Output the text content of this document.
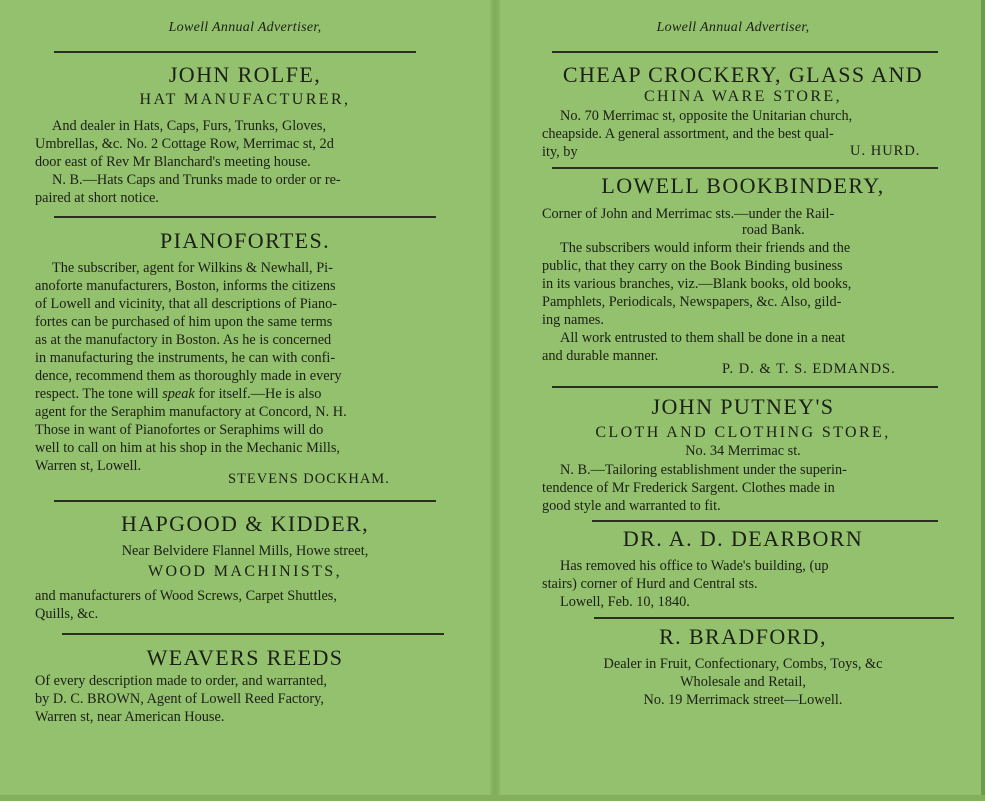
Lowell Annual Advertiser,
JOHN ROLFE,
HAT MANUFACTURER,
And dealer in Hats, Caps, Furs, Trunks, Gloves,
Umbrellas, &c. No. 2 Cottage Row, Merrimac st, 2d
door east of Rev Mr Blanchard's meeting house.
N. B.—Hats Caps and Trunks made to order or re-
paired at short notice.
PIANOFORTES.
The subscriber, agent for Wilkins & Newhall, Pi-
anoforte manufacturers, Boston, informs the citizens
of Lowell and vicinity, that all descriptions of Piano-
fortes can be purchased of him upon the same terms
as at the manufactory in Boston. As he is concerned
in manufacturing the instruments, he can with confi-
dence, recommend them as thoroughly made in every
respect. The tone will speak for itself.—He is also
agent for the Seraphim manufactory at Concord, N. H.
Those in want of Pianofortes or Seraphims will do
well to call on him at his shop in the Mechanic Mills,
Warren st, Lowell.
STEVENS DOCKHAM.
HAPGOOD & KIDDER,
Near Belvidere Flannel Mills, Howe street,
WOOD MACHINISTS,
and manufacturers of Wood Screws, Carpet Shuttles,
Quills, &c.
WEAVERS REEDS
Of every description made to order, and warranted,
by D. C. BROWN, Agent of Lowell Reed Factory,
Warren st, near American House.
Lowell Annual Advertiser,
CHEAP CROCKERY, GLASS AND
CHINA WARE STORE,
No. 70 Merrimac st, opposite the Unitarian church,
cheapside. A general assortment, and the best qual-
ity, by	U. HURD.
LOWELL BOOKBINDERY,
Corner of John and Merrimac sts.—under the Rail-
road Bank.
The subscribers would inform their friends and the
public, that they carry on the Book Binding business
in its various branches, viz.—Blank books, old books,
Pamphlets, Periodicals, Newspapers, &c. Also, gild-
ing names.
All work entrusted to them shall be done in a neat
and durable manner.
P. D. & T. S. EDMANDS.
JOHN PUTNEY'S
CLOTH AND CLOTHING STORE,
No. 34 Merrimac st.
N. B.—Tailoring establishment under the superin-
tendence of Mr Frederick Sargent. Clothes made in
good style and warranted to fit.
DR. A. D. DEARBORN
Has removed his office to Wade's building, (up
stairs) corner of Hurd and Central sts.
Lowell, Feb. 10, 1840.
R. BRADFORD,
Dealer in Fruit, Confectionary, Combs, Toys, &c
Wholesale and Retail,
No. 19 Merrimack street—Lowell.
